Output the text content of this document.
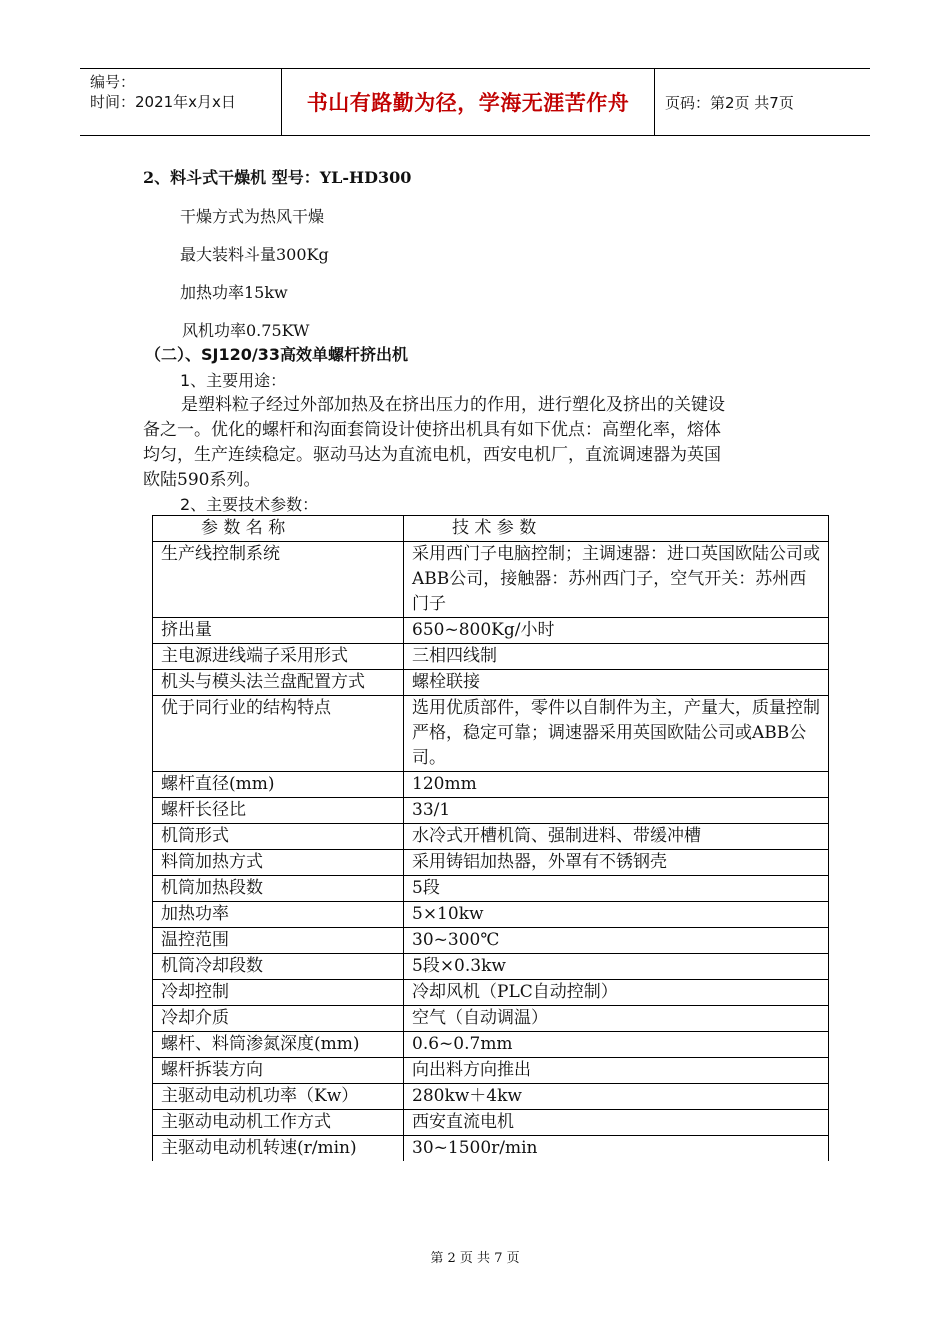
编号：
时间：2021年x月x日	书山有路勤为径，学海无涯苦作舟	页码：第2页 共7页
2、料斗式干燥机 型号：YL-HD300
干燥方式为热风干燥
最大装料斗量300Kg
加热功率15kw
风机功率0.75KW
（二）、SJ120/33高效单螺杆挤出机
1、主要用途：
是塑料粒子经过外部加热及在挤出压力的作用，进行塑化及挤出的关键设
备之一。优化的螺杆和沟面套筒设计使挤出机具有如下优点：高塑化率，熔体
均匀，生产连续稳定。驱动马达为直流电机，西安电机厂，直流调速器为英国
欧陆590系列。
2、主要技术参数：
参 数 名 称	技 术 参 数
生产线控制系统	采用西门子电脑控制；主调速器：进口英国欧陆公司或ABB公司，接触器：苏州西门子，空气开关：苏州西门子
挤出量	650~800Kg/小时
主电源进线端子采用形式	三相四线制
机头与模头法兰盘配置方式	螺栓联接
优于同行业的结构特点	选用优质部件，零件以自制件为主，产量大，质量控制严格，稳定可靠；调速器采用英国欧陆公司或ABB公司。
螺杆直径(mm)	120mm
螺杆长径比	33/1
机筒形式	水冷式开槽机筒、强制进料、带缓冲槽
料筒加热方式	采用铸铝加热器，外罩有不锈钢壳
机筒加热段数	5段
加热功率	5×10kw
温控范围	30~300℃
机筒冷却段数	5段×0.3kw
冷却控制	冷却风机（PLC自动控制）
冷却介质	空气（自动调温）
螺杆、料筒渗氮深度(mm)	0.6~0.7mm
螺杆拆装方向	向出料方向推出
主驱动电动机功率（Kw）	280kw＋4kw
主驱动电动机工作方式	西安直流电机
主驱动电动机转速(r/min)	30~1500r/min
第 2 页 共 7 页
